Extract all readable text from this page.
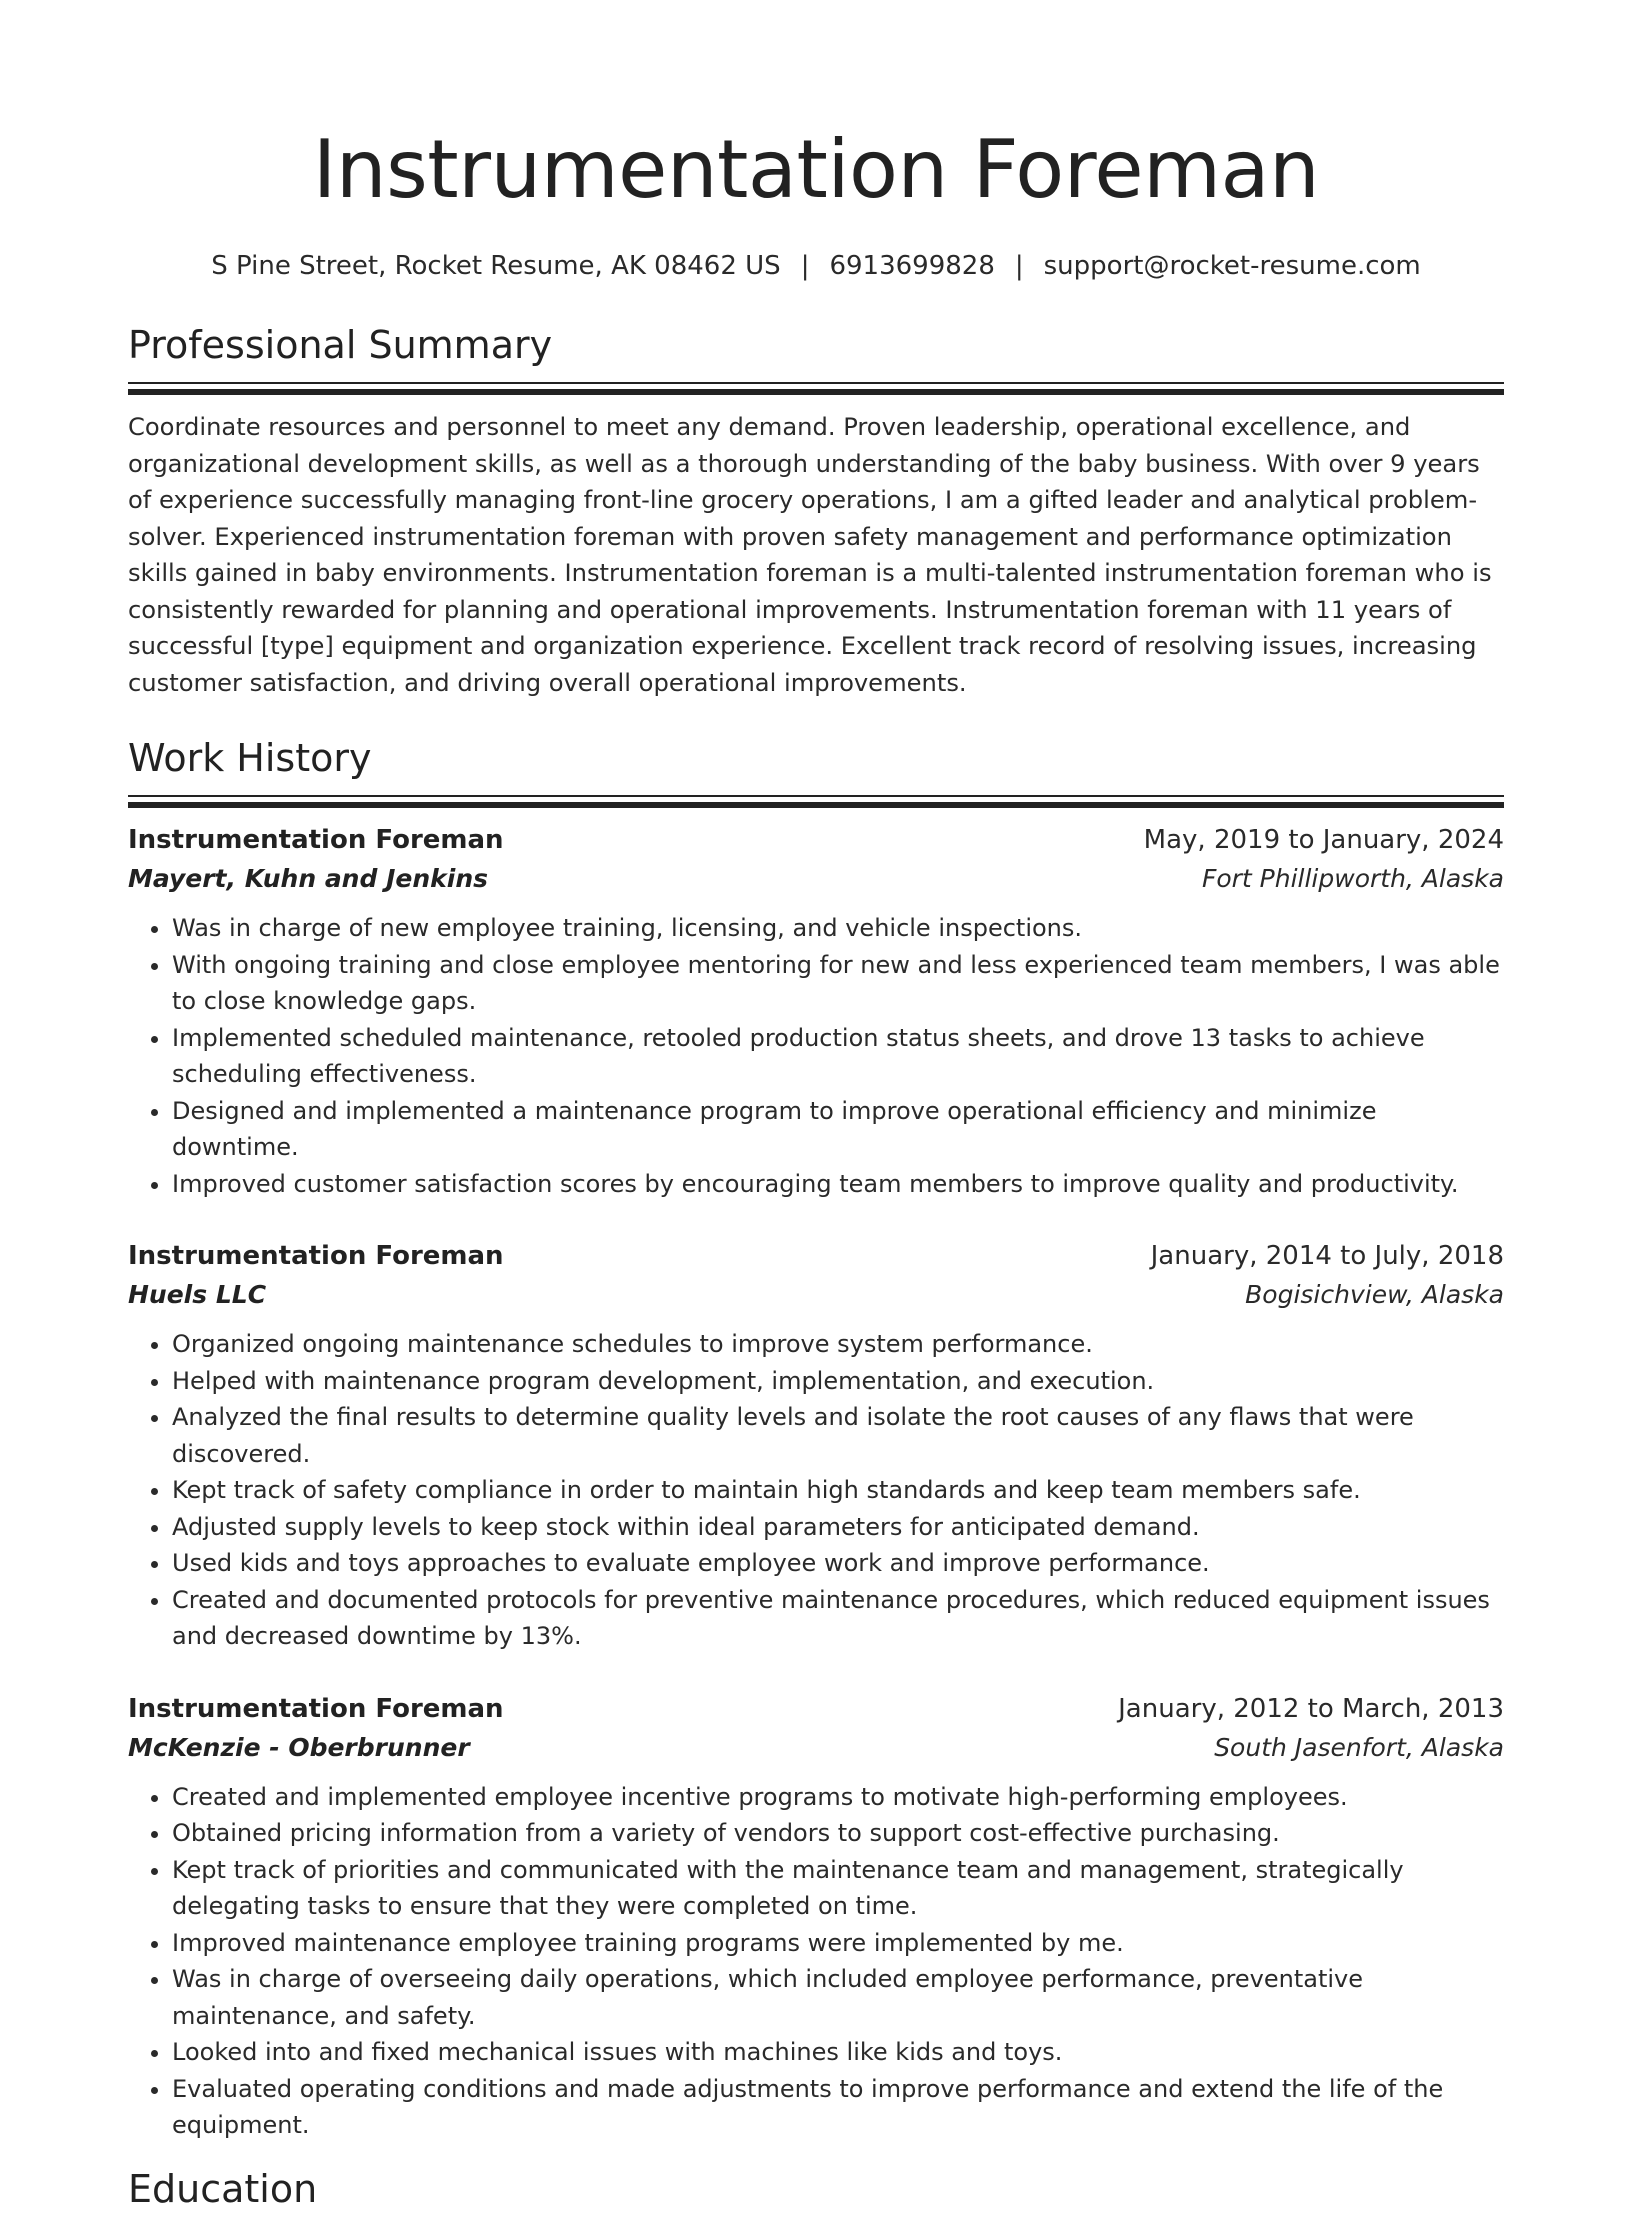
Instrumentation Foreman
S Pine Street, Rocket Resume, AK 08462 US | 6913699828 | support@rocket-resume.com
Professional Summary

Coordinate resources and personnel to meet any demand. Proven leadership, operational excellence, and organizational development skills, as well as a thorough understanding of the baby business. With over 9 years of experience successfully managing front-line grocery operations, I am a gifted leader and analytical problem-solver. Experienced instrumentation foreman with proven safety management and performance optimization skills gained in baby environments. Instrumentation foreman is a multi-talented instrumentation foreman who is consistently rewarded for planning and operational improvements. Instrumentation foreman with 11 years of successful [type] equipment and organization experience. Excellent track record of resolving issues, increasing customer satisfaction, and driving overall operational improvements.

Work History
Instrumentation Foreman	May, 2019 to January, 2024
Mayert, Kuhn and Jenkins	Fort Phillipworth, Alaska
• Was in charge of new employee training, licensing, and vehicle inspections.
• With ongoing training and close employee mentoring for new and less experienced team members, I was able to close knowledge gaps.
• Implemented scheduled maintenance, retooled production status sheets, and drove 13 tasks to achieve scheduling effectiveness.
• Designed and implemented a maintenance program to improve operational efficiency and minimize downtime.
• Improved customer satisfaction scores by encouraging team members to improve quality and productivity.
Instrumentation Foreman	January, 2014 to July, 2018
Huels LLC	Bogisichview, Alaska
• Organized ongoing maintenance schedules to improve system performance.
• Helped with maintenance program development, implementation, and execution.
• Analyzed the final results to determine quality levels and isolate the root causes of any flaws that were discovered.
• Kept track of safety compliance in order to maintain high standards and keep team members safe.
• Adjusted supply levels to keep stock within ideal parameters for anticipated demand.
• Used kids and toys approaches to evaluate employee work and improve performance.
• Created and documented protocols for preventive maintenance procedures, which reduced equipment issues and decreased downtime by 13%.
Instrumentation Foreman	January, 2012 to March, 2013
McKenzie - Oberbrunner	South Jasenfort, Alaska
• Created and implemented employee incentive programs to motivate high-performing employees.
• Obtained pricing information from a variety of vendors to support cost-effective purchasing.
• Kept track of priorities and communicated with the maintenance team and management, strategically delegating tasks to ensure that they were completed on time.
• Improved maintenance employee training programs were implemented by me.
• Was in charge of overseeing daily operations, which included employee performance, preventative maintenance, and safety.
• Looked into and fixed mechanical issues with machines like kids and toys.
• Evaluated operating conditions and made adjustments to improve performance and extend the life of the equipment.
Education
